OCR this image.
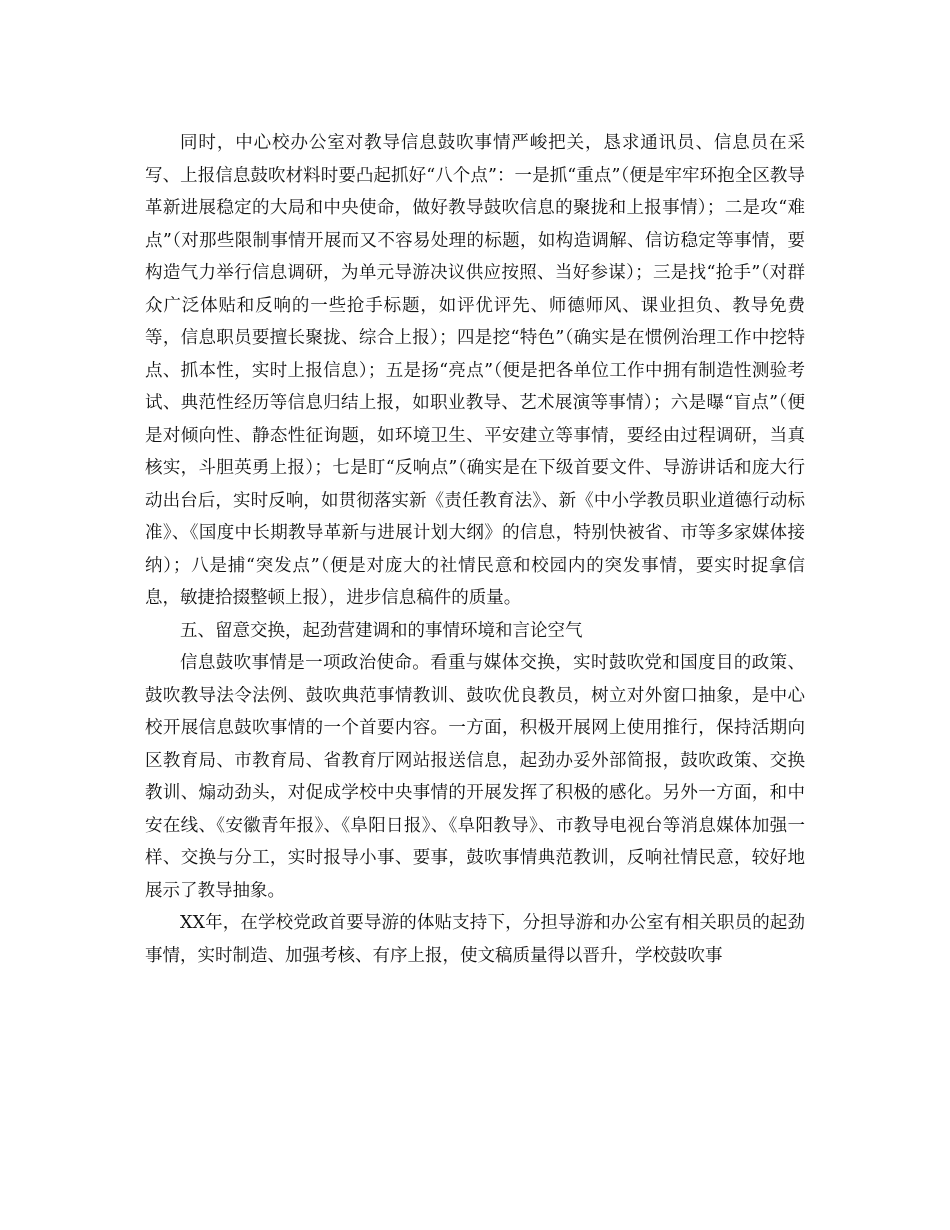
同时，中心校办公室对教导信息鼓吹事情严峻把关，恳求通讯员、信息员在采写、上报信息鼓吹材料时要凸起抓好“八个点”：一是抓“重点”（便是牢牢环抱全区教导革新进展稳定的大局和中央使命，做好教导鼓吹信息的聚拢和上报事情）；二是攻“难点”（对那些限制事情开展而又不容易处理的标题，如构造调解、信访稳定等事情，要构造气力举行信息调研，为单元导游决议供应按照、当好参谋）；三是找“抢手”（对群众广泛体贴和反响的一些抢手标题，如评优评先、师德师风、课业担负、教导免费等，信息职员要擅长聚拢、综合上报）；四是挖“特色”（确实是在惯例治理工作中挖特点、抓本性，实时上报信息）；五是扬“亮点”（便是把各单位工作中拥有制造性测验考试、典范性经历等信息归结上报，如职业教导、艺术展演等事情）；六是曝“盲点”（便是对倾向性、静态性征询题，如环境卫生、平安建立等事情，要经由过程调研，当真核实，斗胆英勇上报）；七是盯“反响点”（确实是在下级首要文件、导游讲话和庞大行动出台后，实时反响，如贯彻落实新《责任教育法》、新《中小学教员职业道德行动标准》、《国度中长期教导革新与进展计划大纲》的信息，特别快被省、市等多家媒体接纳）；八是捕“突发点”（便是对庞大的社情民意和校园内的突发事情，要实时捉拿信息，敏捷拾掇整顿上报），进步信息稿件的质量。

五、留意交换，起劲营建调和的事情环境和言论空气

信息鼓吹事情是一项政治使命。看重与媒体交换，实时鼓吹党和国度目的政策、鼓吹教导法令法例、鼓吹典范事情教训、鼓吹优良教员，树立对外窗口抽象，是中心校开展信息鼓吹事情的一个首要内容。一方面，积极开展网上使用推行，保持活期向区教育局、市教育局、省教育厅网站报送信息，起劲办妥外部简报，鼓吹政策、交换教训、煽动劲头，对促成学校中央事情的开展发挥了积极的感化。另外一方面，和中安在线、《安徽青年报》、《阜阳日报》、《阜阳教导》、市教导电视台等消息媒体加强一样、交换与分工，实时报导小事、要事，鼓吹事情典范教训，反响社情民意，较好地展示了教导抽象。

XX年，在学校党政首要导游的体贴支持下，分担导游和办公室有相关职员的起劲事情，实时制造、加强考核、有序上报，使文稿质量得以晋升，学校鼓吹事
